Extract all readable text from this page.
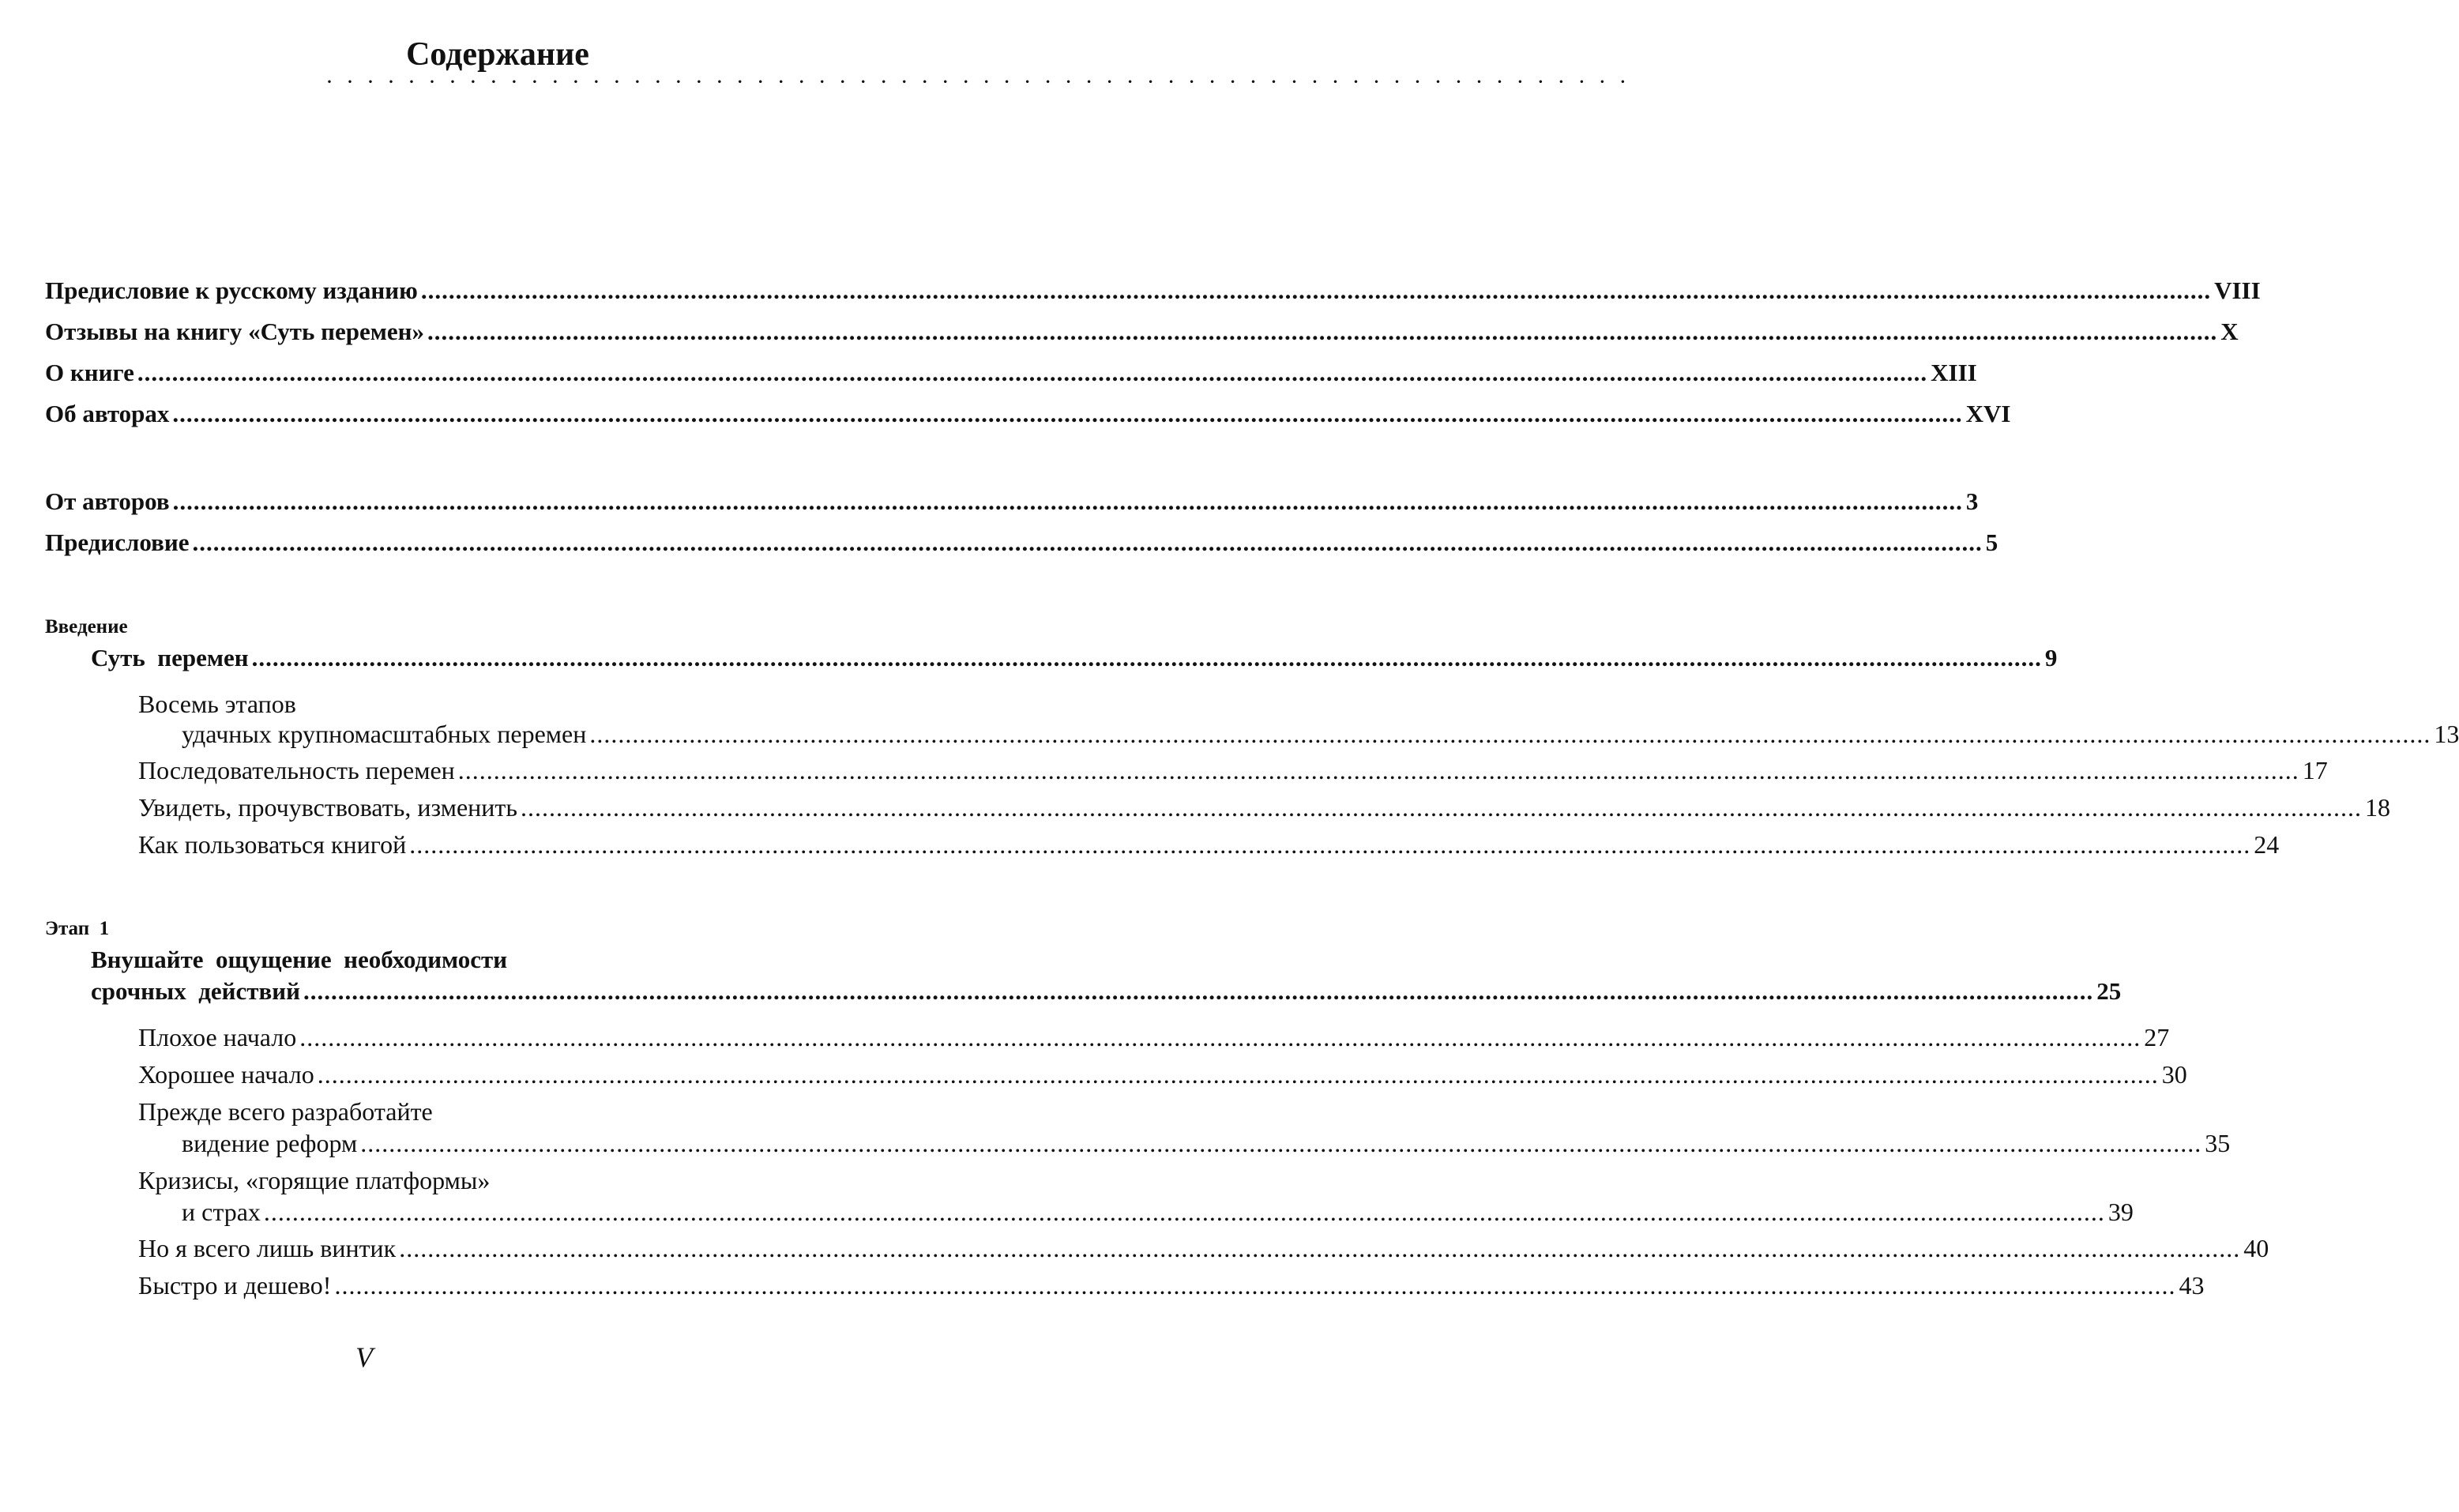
Содержание
································································
Предисловие к русскому изданию .....	VIII
Отзывы на книгу «Суть перемен» .....	X
О книге .....	XIII
Об авторах .....	XVI
От авторов .....	3
Предисловие .....	5
Введение
Суть  перемен .....	9
Восемь этапов
удачных крупномасштабных перемен .....	13
Последовательность перемен .....	17
Увидеть, прочувствовать, изменить .....	18
Как пользоваться книгой .....	24
Этап  1
Внушайте  ощущение  необходимости
срочных  действий .....	25
Плохое начало .....	27
Хорошее начало .....	30
Прежде всего разработайте
видение реформ .....	35
Кризисы, «горящие платформы»
и страх .....	39
Но я всего лишь винтик .....	40
Быстро и дешево! .....	43
V
